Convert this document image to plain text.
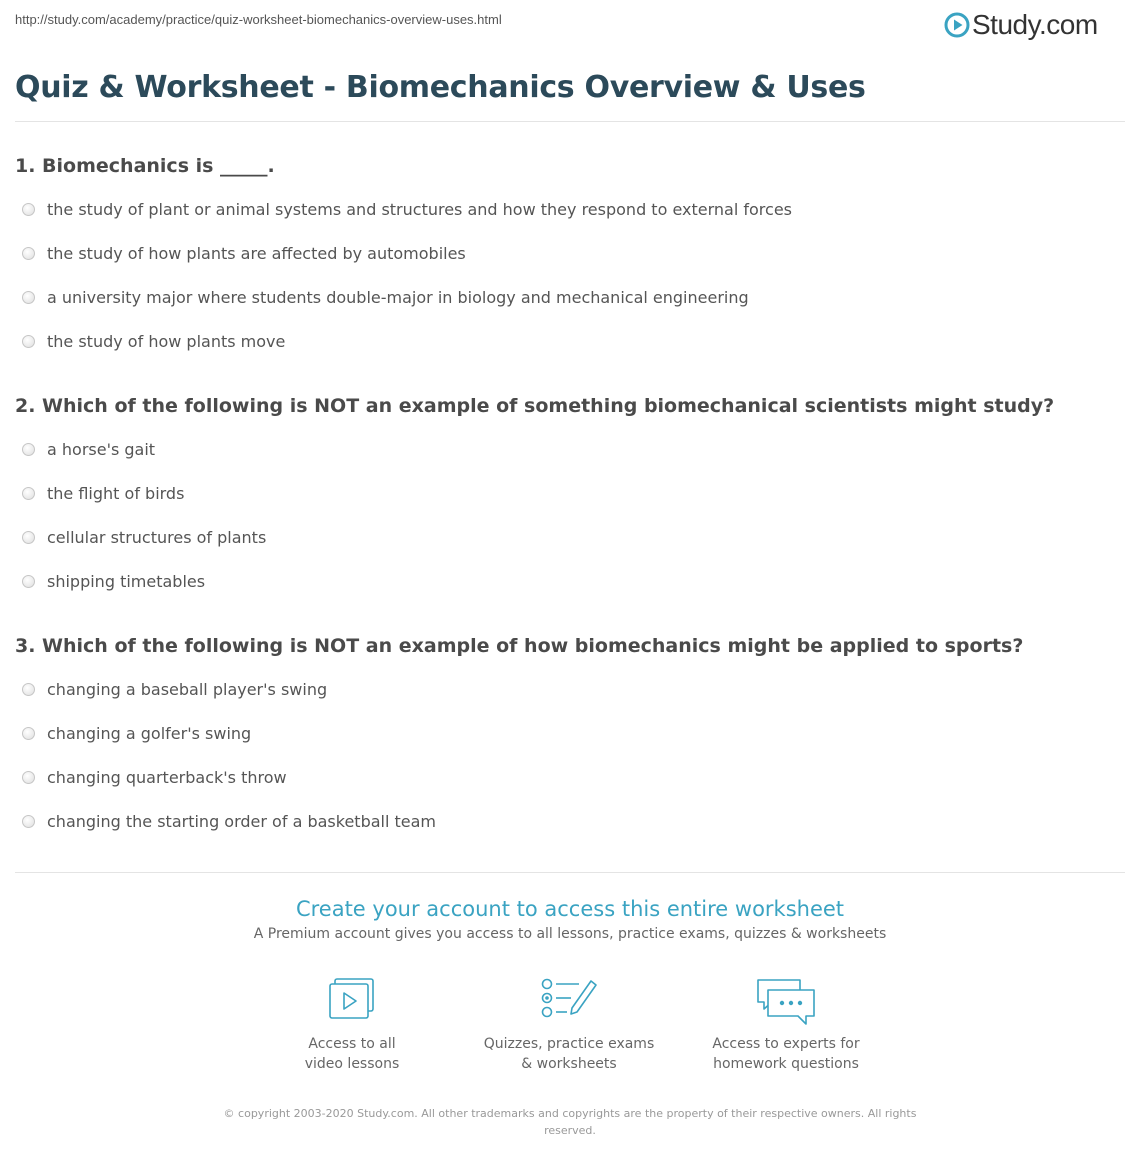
http://study.com/academy/practice/quiz-worksheet-biomechanics-overview-uses.html	Study.com
Quiz & Worksheet - Biomechanics Overview & Uses
1. Biomechanics is _____.
the study of plant or animal systems and structures and how they respond to external forces
the study of how plants are affected by automobiles
a university major where students double-major in biology and mechanical engineering
the study of how plants move
2. Which of the following is NOT an example of something biomechanical scientists might study?
a horse's gait
the flight of birds
cellular structures of plants
shipping timetables
3. Which of the following is NOT an example of how biomechanics might be applied to sports?
changing a baseball player's swing
changing a golfer's swing
changing quarterback's throw
changing the starting order of a basketball team
Create your account to access this entire worksheet
A Premium account gives you access to all lessons, practice exams, quizzes & worksheets
Access to all
video lessons
Quizzes, practice exams
& worksheets
Access to experts for
homework questions
© copyright 2003-2020 Study.com. All other trademarks and copyrights are the property of their respective owners. All rights reserved.
